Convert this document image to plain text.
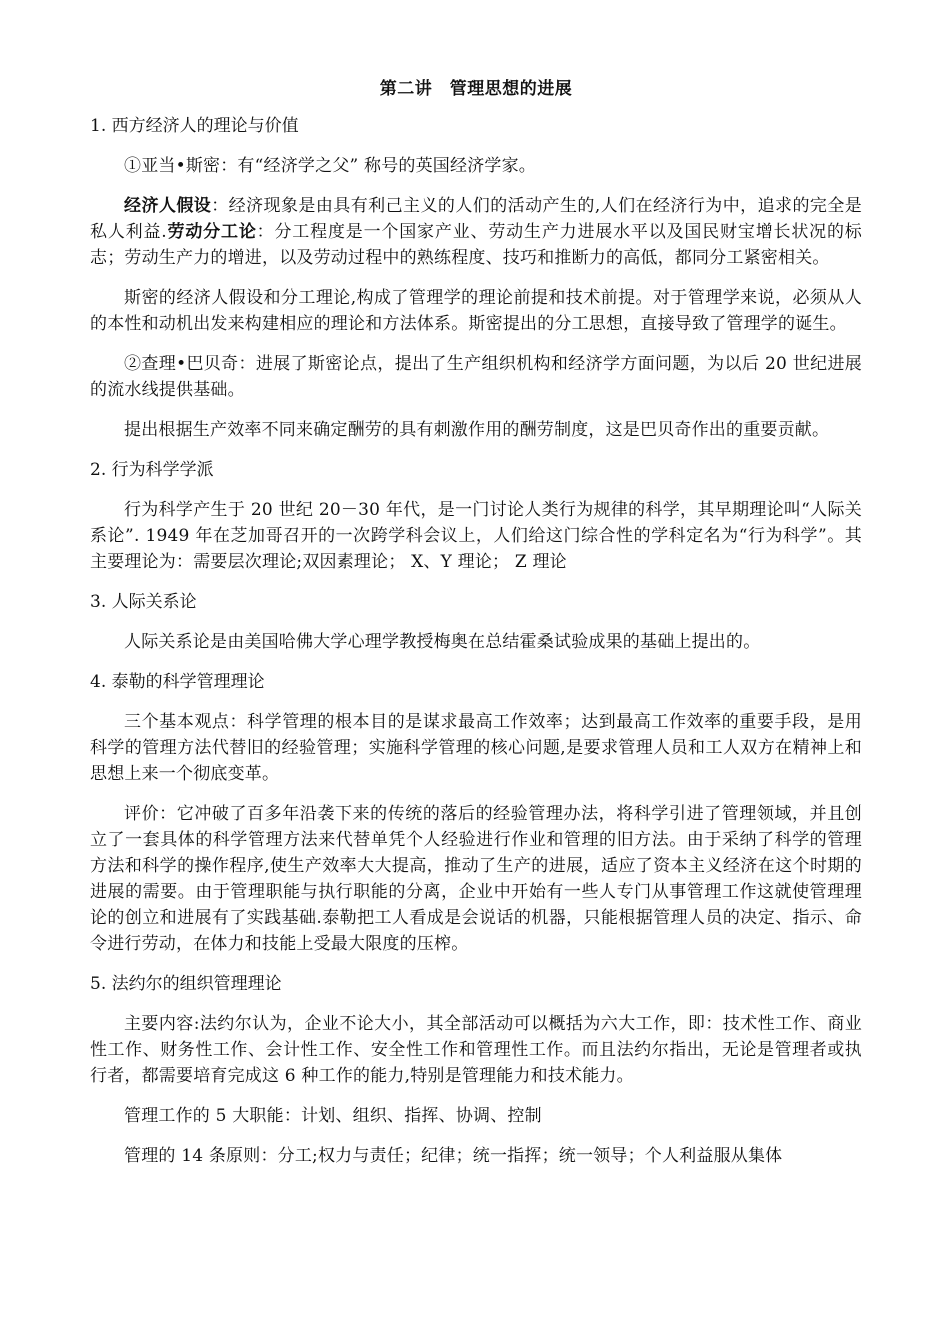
第二讲　管理思想的进展
1. 西方经济人的理论与价值

①亚当•斯密：有“经济学之父” 称号的英国经济学家。

经济人假设：经济现象是由具有利己主义的人们的活动产生的,人们在经济行为中，追求的完全是私人利益.劳动分工论：分工程度是一个国家产业、劳动生产力进展水平以及国民财宝增长状况的标志；劳动生产力的增进，以及劳动过程中的熟练程度、技巧和推断力的高低，都同分工紧密相关。

斯密的经济人假设和分工理论,构成了管理学的理论前提和技术前提。对于管理学来说，必须从人的本性和动机出发来构建相应的理论和方法体系。斯密提出的分工思想，直接导致了管理学的诞生。

②查理•巴贝奇：进展了斯密论点，提出了生产组织机构和经济学方面问题，为以后 20 世纪进展的流水线提供基础。

提出根据生产效率不同来确定酬劳的具有刺激作用的酬劳制度，这是巴贝奇作出的重要贡献。

2. 行为科学学派

行为科学产生于 20 世纪 20－30 年代，是一门讨论人类行为规律的科学，其早期理论叫“人际关系论”. 1949 年在芝加哥召开的一次跨学科会议上，人们给这门综合性的学科定名为“行为科学”。其主要理论为：需要层次理论;双因素理论； X、Y 理论； Z 理论

3. 人际关系论

人际关系论是由美国哈佛大学心理学教授梅奥在总结霍桑试验成果的基础上提出的。

4. 泰勒的科学管理理论

三个基本观点：科学管理的根本目的是谋求最高工作效率；达到最高工作效率的重要手段，是用科学的管理方法代替旧的经验管理；实施科学管理的核心问题,是要求管理人员和工人双方在精神上和思想上来一个彻底变革。

评价：它冲破了百多年沿袭下来的传统的落后的经验管理办法，将科学引进了管理领域，并且创立了一套具体的科学管理方法来代替单凭个人经验进行作业和管理的旧方法。由于采纳了科学的管理方法和科学的操作程序,使生产效率大大提高，推动了生产的进展，适应了资本主义经济在这个时期的进展的需要。由于管理职能与执行职能的分离，企业中开始有一些人专门从事管理工作这就使管理理论的创立和进展有了实践基础.泰勒把工人看成是会说话的机器，只能根据管理人员的决定、指示、命令进行劳动，在体力和技能上受最大限度的压榨。

5. 法约尔的组织管理理论

主要内容:法约尔认为，企业不论大小，其全部活动可以概括为六大工作，即：技术性工作、商业性工作、财务性工作、会计性工作、安全性工作和管理性工作。而且法约尔指出，无论是管理者或执行者，都需要培育完成这 6 种工作的能力,特别是管理能力和技术能力。

管理工作的 5 大职能：计划、组织、指挥、协调、控制

管理的 14 条原则：分工;权力与责任；纪律；统一指挥；统一领导；个人利益服从集体
